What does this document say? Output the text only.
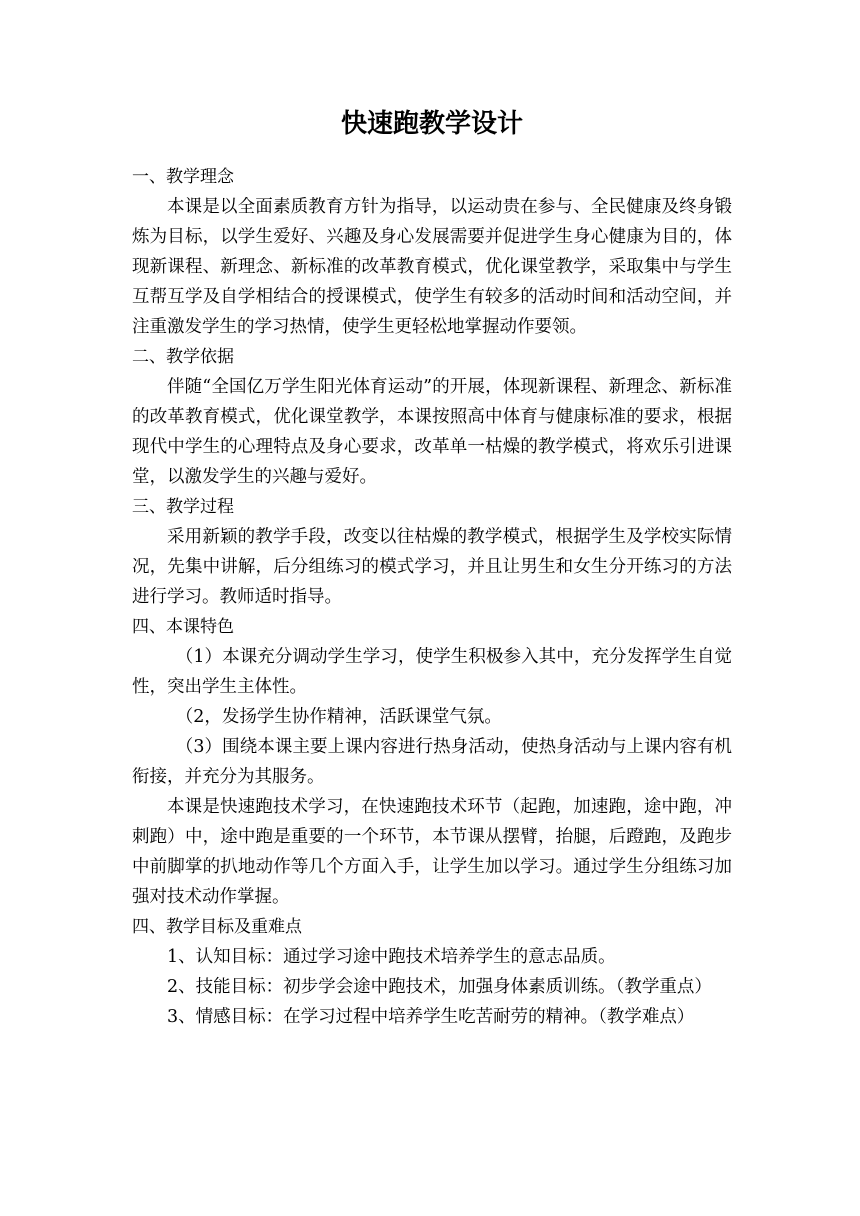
快速跑教学设计

一、教学理念

本课是以全面素质教育方针为指导，以运动贵在参与、全民健康及终身锻炼为目标，以学生爱好、兴趣及身心发展需要并促进学生身心健康为目的，体现新课程、新理念、新标准的改革教育模式，优化课堂教学，采取集中与学生互帮互学及自学相结合的授课模式，使学生有较多的活动时间和活动空间，并注重激发学生的学习热情，使学生更轻松地掌握动作要领。

二、教学依据

伴随“全国亿万学生阳光体育运动”的开展，体现新课程、新理念、新标准的改革教育模式，优化课堂教学，本课按照高中体育与健康标准的要求，根据现代中学生的心理特点及身心要求，改革单一枯燥的教学模式，将欢乐引进课堂，以激发学生的兴趣与爱好。

三、教学过程

采用新颖的教学手段，改变以往枯燥的教学模式，根据学生及学校实际情况，先集中讲解，后分组练习的模式学习，并且让男生和女生分开练习的方法进行学习。教师适时指导。

四、本课特色

（1）本课充分调动学生学习，使学生积极参入其中，充分发挥学生自觉性，突出学生主体性。

（2，发扬学生协作精神，活跃课堂气氛。

（3）围绕本课主要上课内容进行热身活动，使热身活动与上课内容有机衔接，并充分为其服务。

本课是快速跑技术学习，在快速跑技术环节（起跑，加速跑，途中跑，冲刺跑）中，途中跑是重要的一个环节，本节课从摆臂，抬腿，后蹬跑，及跑步中前脚掌的扒地动作等几个方面入手，让学生加以学习。通过学生分组练习加强对技术动作掌握。

四、教学目标及重难点

1、认知目标：通过学习途中跑技术培养学生的意志品质。

2、技能目标：初步学会途中跑技术，加强身体素质训练。（教学重点）

3、情感目标：在学习过程中培养学生吃苦耐劳的精神。（教学难点）
